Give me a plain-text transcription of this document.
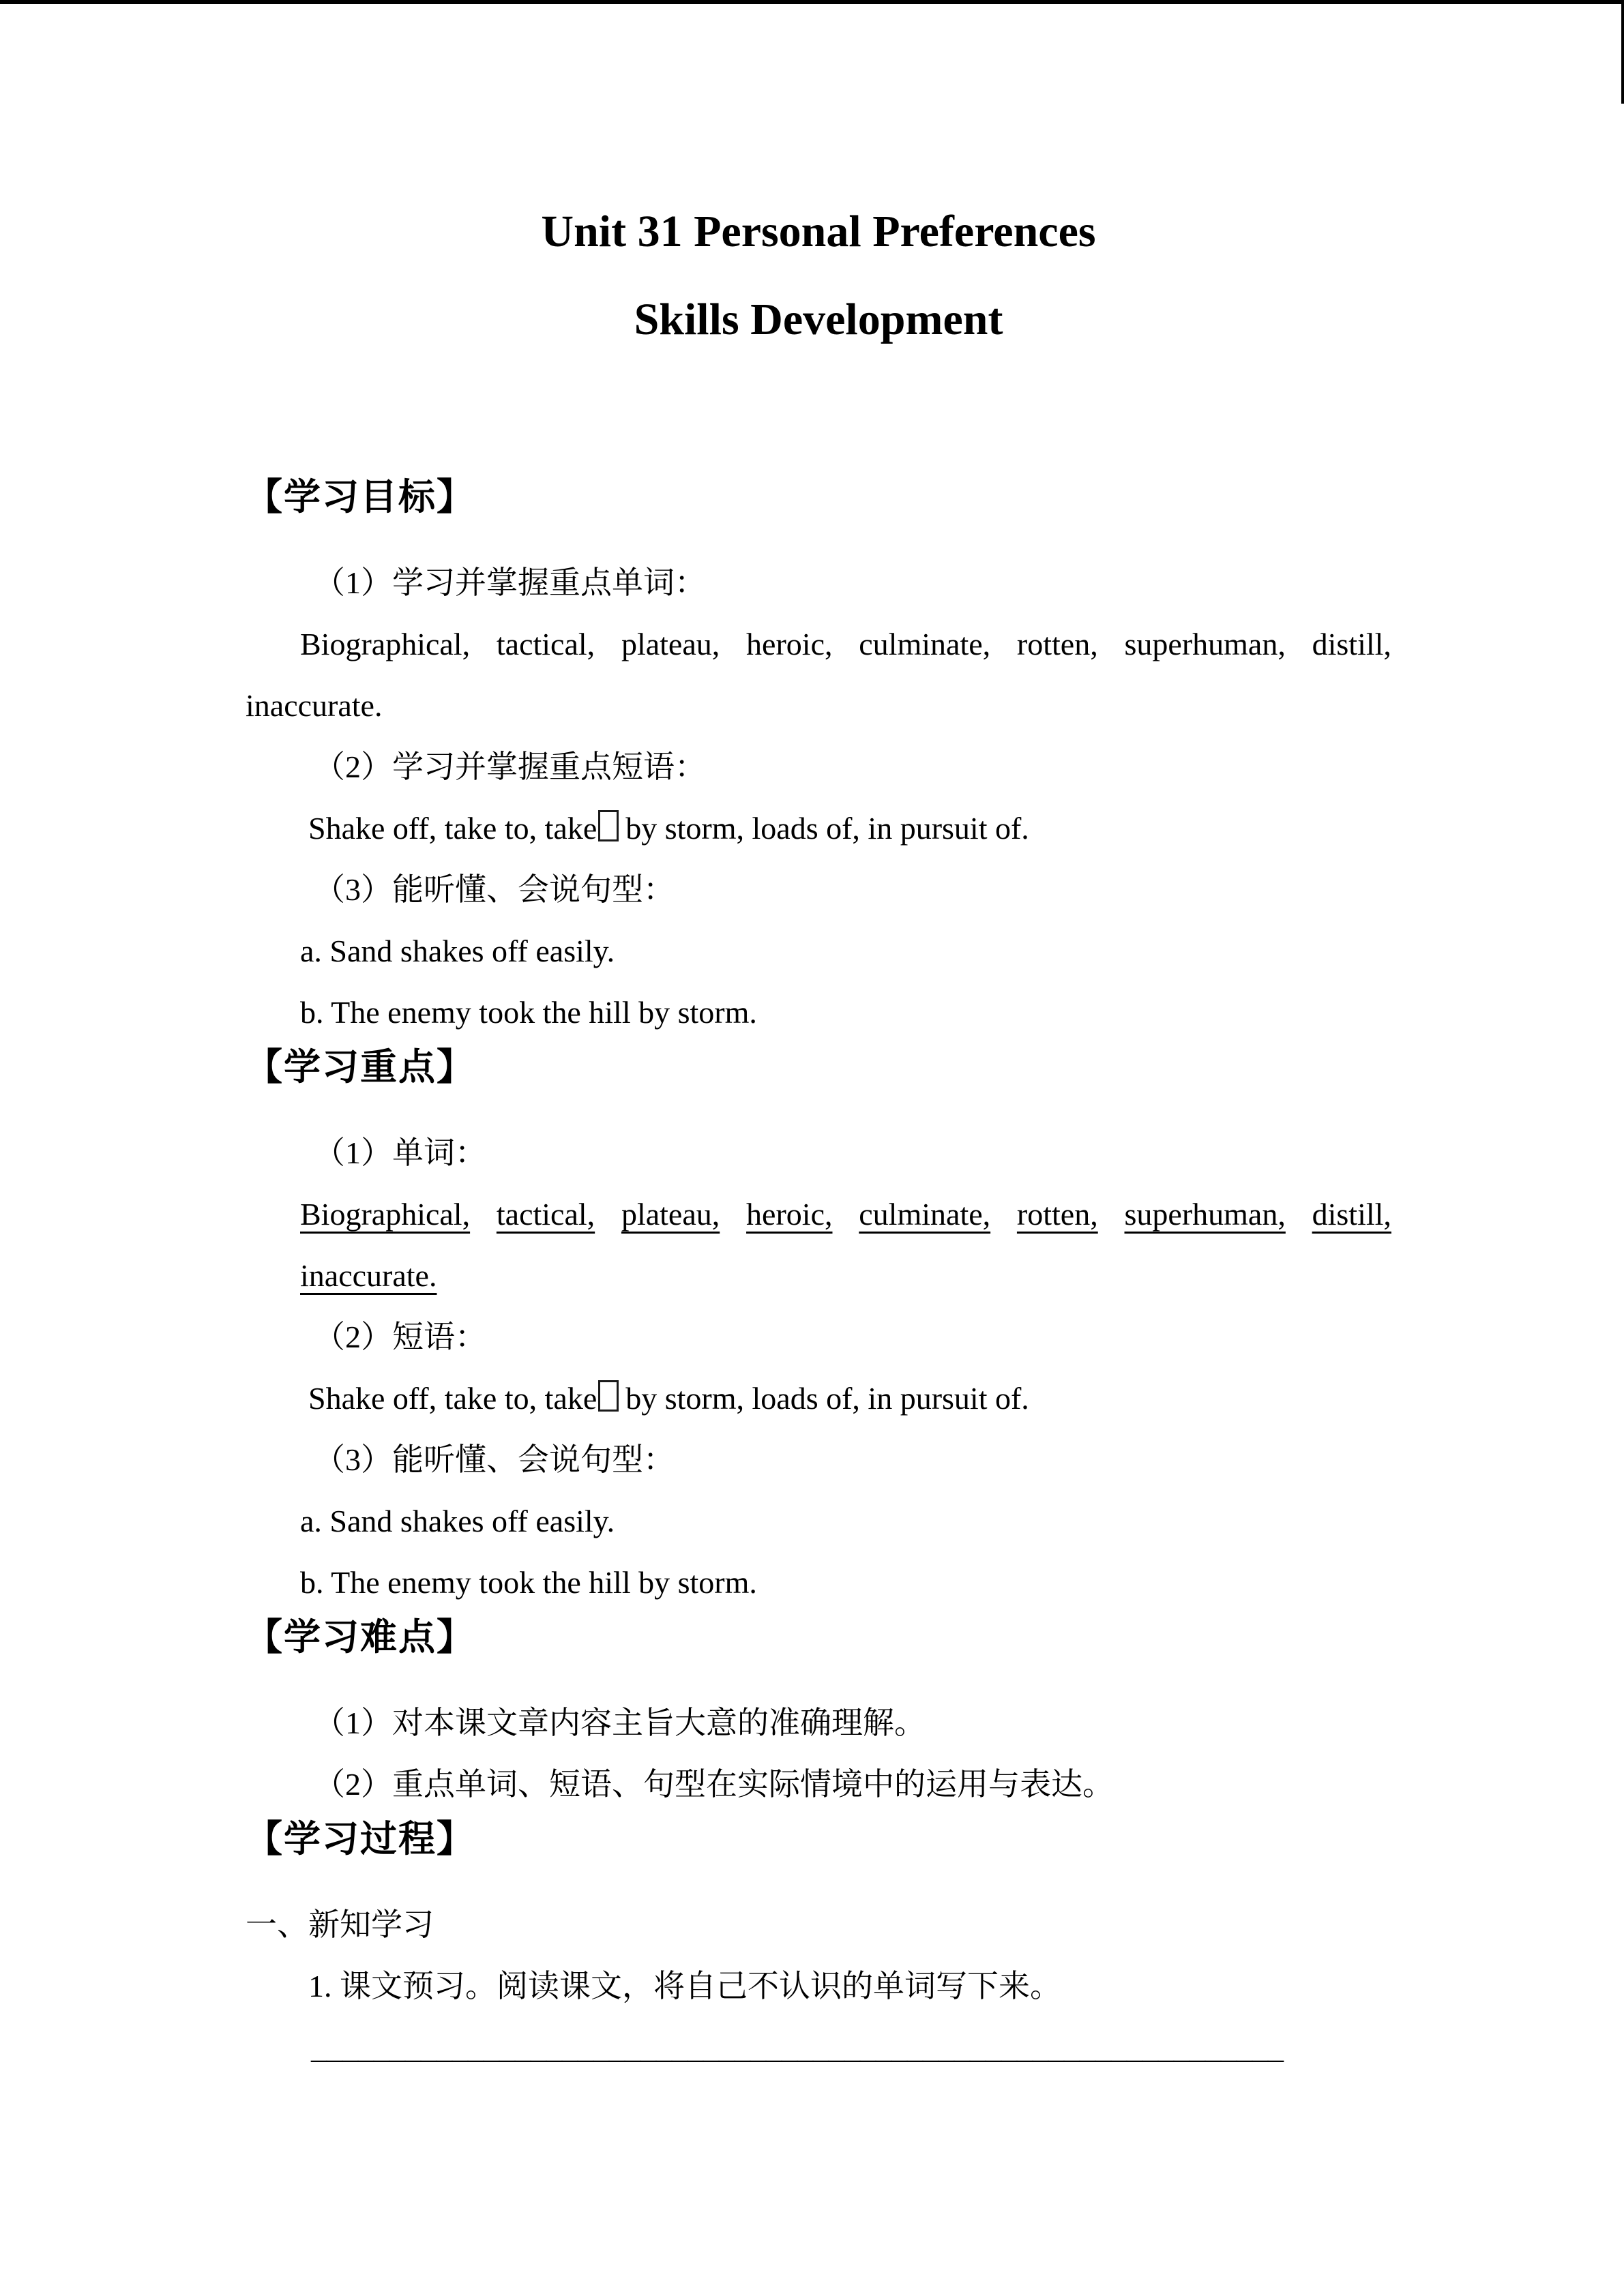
Unit 31 Personal Preferences
Skills Development
【学习目标】

（1）学习并掌握重点单词：

Biographical, tactical, plateau, heroic, culminate, rotten, superhuman, distill,

inaccurate.

（2）学习并掌握重点短语：

Shake off, take to, take by storm, loads of, in pursuit of.

（3）能听懂、会说句型：

a. Sand shakes off easily.

b. The enemy took the hill by storm.

【学习重点】

（1）单词：

Biographical, tactical, plateau, heroic, culminate, rotten, superhuman, distill,

inaccurate.

（2）短语：

Shake off, take to, take by storm, loads of, in pursuit of.

（3）能听懂、会说句型：

a. Sand shakes off easily.

b. The enemy took the hill by storm.

【学习难点】

（1）对本课文章内容主旨大意的准确理解。

（2）重点单词、短语、句型在实际情境中的运用与表达。

【学习过程】

一、新知学习

1. 课文预习。阅读课文，将自己不认识的单词写下来。

______________________________________________________________
